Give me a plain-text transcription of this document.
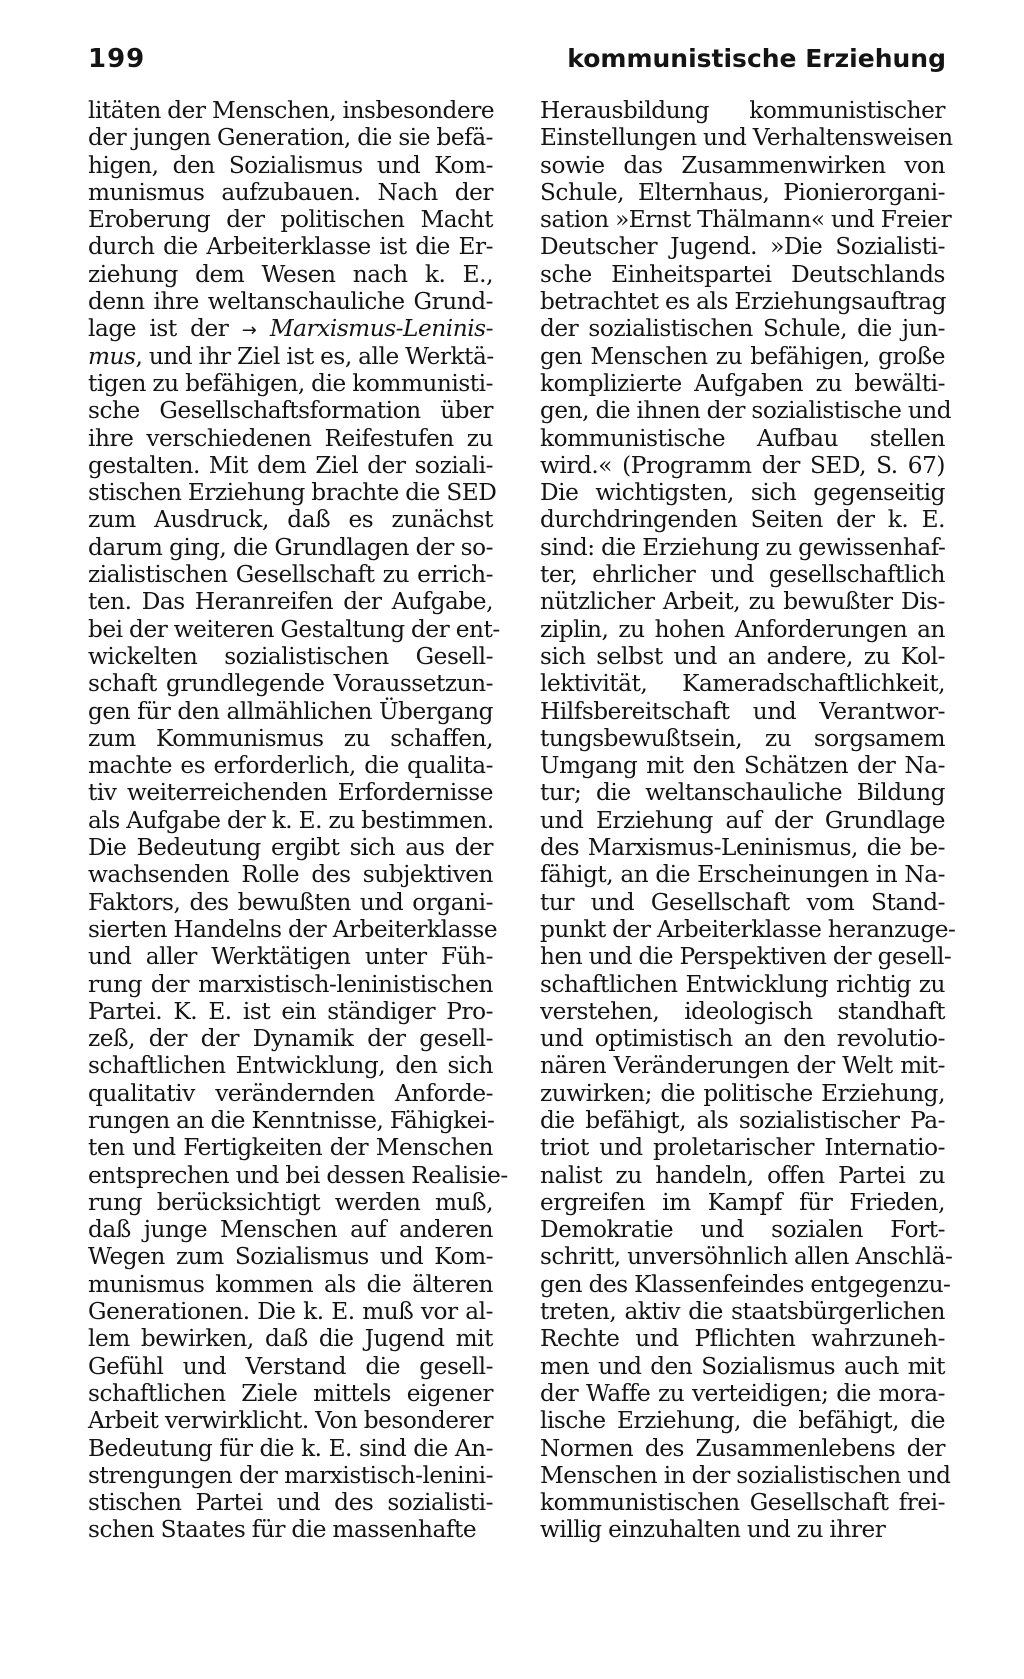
199	kommunistische Erziehung
litäten der Menschen, insbesondere
der jungen Generation, die sie befä-
higen, den Sozialismus und Kom-
munismus aufzubauen. Nach der
Eroberung der politischen Macht
durch die Arbeiterklasse ist die Er-
ziehung dem Wesen nach k. E.,
denn ihre weltanschauliche Grund-
lage ist der → Marxismus-Leninis-
mus, und ihr Ziel ist es, alle Werktä-
tigen zu befähigen, die kommunisti-
sche Gesellschaftsformation über
ihre verschiedenen Reifestufen zu
gestalten. Mit dem Ziel der soziali-
stischen Erziehung brachte die SED
zum Ausdruck, daß es zunächst
darum ging, die Grundlagen der so-
zialistischen Gesellschaft zu errich-
ten. Das Heranreifen der Aufgabe,
bei der weiteren Gestaltung der ent-
wickelten sozialistischen Gesell-
schaft grundlegende Voraussetzun-
gen für den allmählichen Übergang
zum Kommunismus zu schaffen,
machte es erforderlich, die qualita-
tiv weiterreichenden Erfordernisse
als Aufgabe der k. E. zu bestimmen.
Die Bedeutung ergibt sich aus der
wachsenden Rolle des subjektiven
Faktors, des bewußten und organi-
sierten Handelns der Arbeiterklasse
und aller Werktätigen unter Füh-
rung der marxistisch-leninistischen
Partei. K. E. ist ein ständiger Pro-
zeß, der der Dynamik der gesell-
schaftlichen Entwicklung, den sich
qualitativ verändernden Anforde-
rungen an die Kenntnisse, Fähigkei-
ten und Fertigkeiten der Menschen
entsprechen und bei dessen Realisie-
rung berücksichtigt werden muß,
daß junge Menschen auf anderen
Wegen zum Sozialismus und Kom-
munismus kommen als die älteren
Generationen. Die k. E. muß vor al-
lem bewirken, daß die Jugend mit
Gefühl und Verstand die gesell-
schaftlichen Ziele mittels eigener
Arbeit verwirklicht. Von besonderer
Bedeutung für die k. E. sind die An-
strengungen der marxistisch-lenini-
stischen Partei und des sozialisti-
schen Staates für die massenhafte
Herausbildung kommunistischer
Einstellungen und Verhaltensweisen
sowie das Zusammenwirken von
Schule, Elternhaus, Pionierorgani-
sation »Ernst Thälmann« und Freier
Deutscher Jugend. »Die Sozialisti-
sche Einheitspartei Deutschlands
betrachtet es als Erziehungsauftrag
der sozialistischen Schule, die jun-
gen Menschen zu befähigen, große
komplizierte Aufgaben zu bewälti-
gen, die ihnen der sozialistische und
kommunistische Aufbau stellen
wird.« (Programm der SED, S. 67)
Die wichtigsten, sich gegenseitig
durchdringenden Seiten der k. E.
sind: die Erziehung zu gewissenhaf-
ter, ehrlicher und gesellschaftlich
nützlicher Arbeit, zu bewußter Dis-
ziplin, zu hohen Anforderungen an
sich selbst und an andere, zu Kol-
lektivität, Kameradschaftlichkeit,
Hilfsbereitschaft und Verantwor-
tungsbewußtsein, zu sorgsamem
Umgang mit den Schätzen der Na-
tur; die weltanschauliche Bildung
und Erziehung auf der Grundlage
des Marxismus-Leninismus, die be-
fähigt, an die Erscheinungen in Na-
tur und Gesellschaft vom Stand-
punkt der Arbeiterklasse heranzuge-
hen und die Perspektiven der gesell-
schaftlichen Entwicklung richtig zu
verstehen, ideologisch standhaft
und optimistisch an den revolutio-
nären Veränderungen der Welt mit-
zuwirken; die politische Erziehung,
die befähigt, als sozialistischer Pa-
triot und proletarischer Internatio-
nalist zu handeln, offen Partei zu
ergreifen im Kampf für Frieden,
Demokratie und sozialen Fort-
schritt, unversöhnlich allen Anschlä-
gen des Klassenfeindes entgegenzu-
treten, aktiv die staatsbürgerlichen
Rechte und Pflichten wahrzuneh-
men und den Sozialismus auch mit
der Waffe zu verteidigen; die mora-
lische Erziehung, die befähigt, die
Normen des Zusammenlebens der
Menschen in der sozialistischen und
kommunistischen Gesellschaft frei-
willig einzuhalten und zu ihrer
